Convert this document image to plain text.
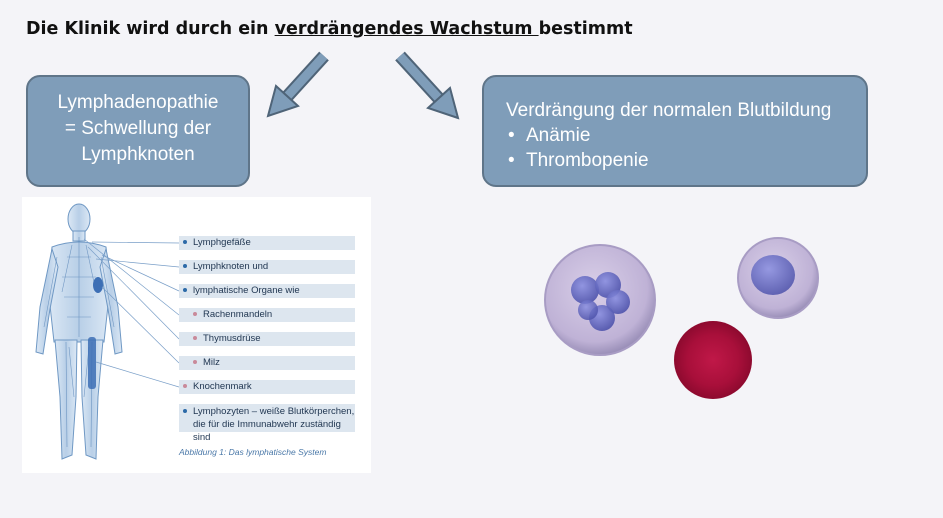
Die Klinik wird durch ein verdrängendes Wachstum bestimmt
Lymphadenopathie
= Schwellung der
Lymphknoten
Verdrängung der normalen Blutbildung
• Anämie
• Thrombopenie
Lymphgefäße
Lymphknoten und
lymphatische Organe wie
Rachenmandeln
Thymusdrüse
Milz
Knochenmark
Lymphozyten – weiße Blutkörperchen,
die für die Immunabwehr zuständig sind
Abbildung 1: Das lymphatische System
